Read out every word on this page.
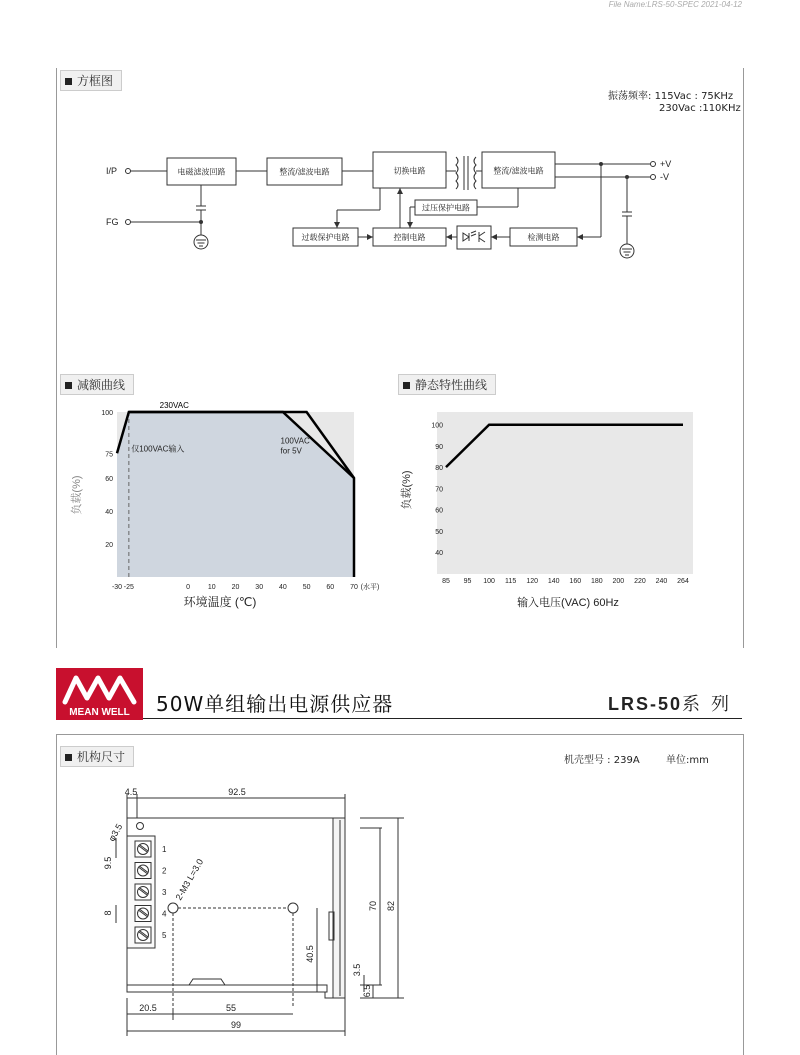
File Name:LRS-50-SPEC 2021-04-12
方框图
振荡频率: 115Vac : 75KHz
230Vac :110KHz
I/P
FG
+V
-V
电磁滤波回路	整流/滤波电路	切换电路	整流/滤波电路
过压保护电路
过载保护电路	控制电路	检测电路
减额曲线	静态特性曲线
100
75
60
40
20
-30 -25	0	10 20 30 40 50 60 70 (水平)
230VAC
仅100VAC输入
100VAC
for 5V
负载(%)
环境温度 (℃)
100
90
80
70
60
50
40
85 95 100 115 120 140 160 180 200 220 240 264
负载(%)
输入电压(VAC) 60Hz
MEAN WELL 50W单组输出电源供应器	LRS-50系 列
机构尺寸	机壳型号 : 239A	单位:mm
1
2
3
4
5
4.5	92.5
φ3.5
9.5
8
2-M3 L=3.0
70 82
40.5
3.5
6.5
20.5	55
99
